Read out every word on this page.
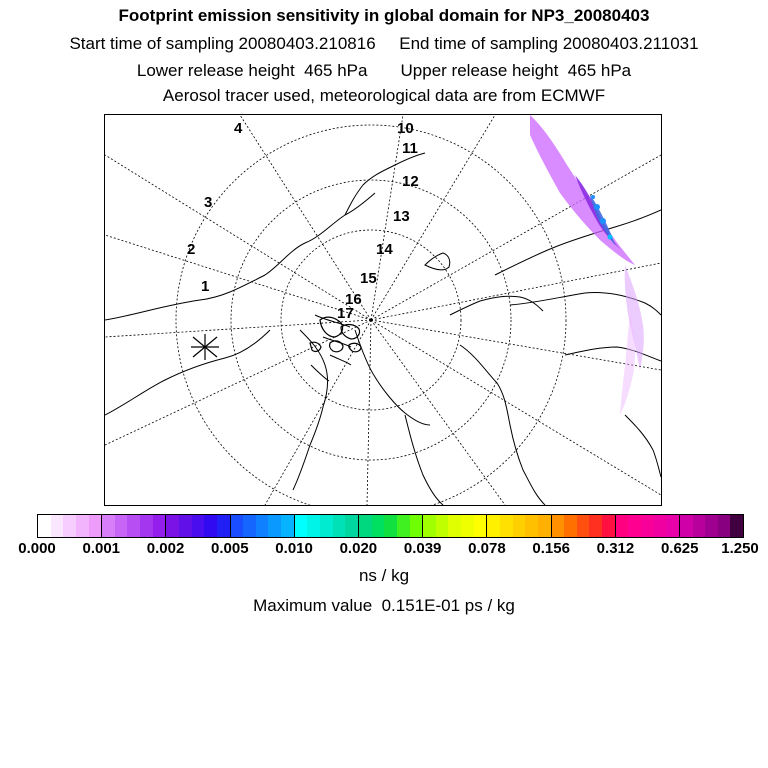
Footprint emission sensitivity in global domain for NP3_20080403
Start time of sampling 20080403.210816     End time of sampling 20080403.211031
Lower release height  465 hPa       Upper release height  465 hPa
Aerosol tracer used, meteorological data are from ECMWF
1
2
3
4	10
11
12
13
14
15
16
17
0.000 0.001 0.002 0.005 0.010 0.020 0.039 0.078 0.156 0.312 0.625 1.250
ns / kg
Maximum value  0.151E-01 ps / kg
